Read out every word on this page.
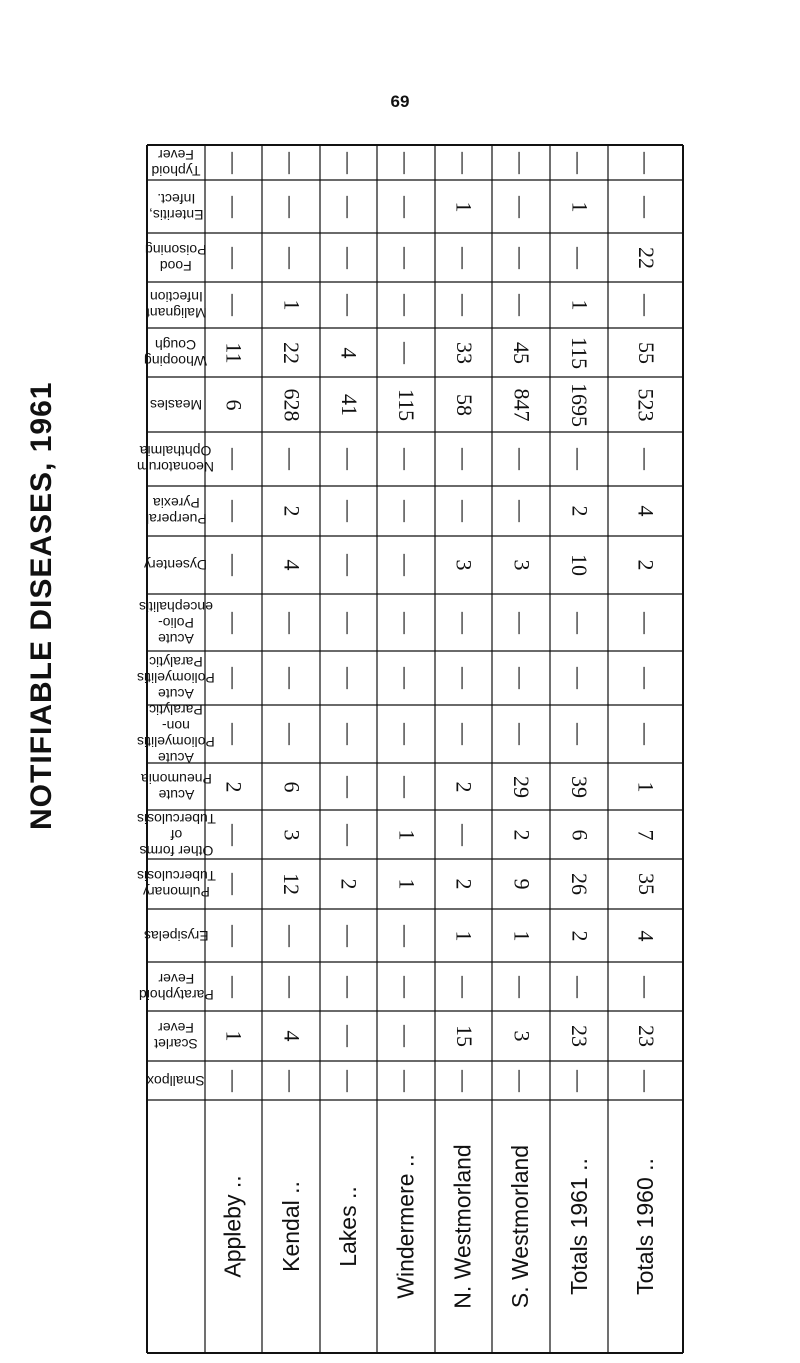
69
NOTIFIABLE DISEASES, 1961
Typhoid Fever
Enteritis, Infect.
Food Poisoning
Malignant Infection
Whooping Cough
Measles
Neonatorum Ophthalmia
Puerperal Pyrexia
Dysentery
Acute Polio-encephalitis
Acute Poliomyelitis Paralytic
Acute Poliomyelitis non-Paralytic
Acute Pneumonia
Other forms of Tuberculosis
Pulmonary Tuberculosis
Erysipelas
Paratyphoid Fever
Scarlet Fever
Smallpox
—
—
—
—
11
6
—
—
—
—
—
—
2
—
—
—
—
1
—
Appleby ..
—
—
—
1
22
628
—
2
4
—
—
—
6
3
12
—
—
4
—
Kendal ..
—
—
—
—
4
41
—
—
—
—
—
—
—
—
2
—
—
—
—
Lakes ..
—
—
—
—
—
115
—
—
—
—
—
—
—
1
1
—
—
—
—
Windermere ..
—
1
—
—
33
58
—
—
3
—
—
—
2
—
2
1
—
15
—
N. Westmorland
—
—
—
—
45
847
—
—
3
—
—
—
29
2
9
1
—
3
—
S. Westmorland
—
1
—
1
115
1695
—
2
10
—
—
—
39
6
26
2
—
23
—
Totals 1961 ..
—
—
22
—
55
523
—
4
2
—
—
—
1
7
35
4
—
23
—
Totals 1960 ..
